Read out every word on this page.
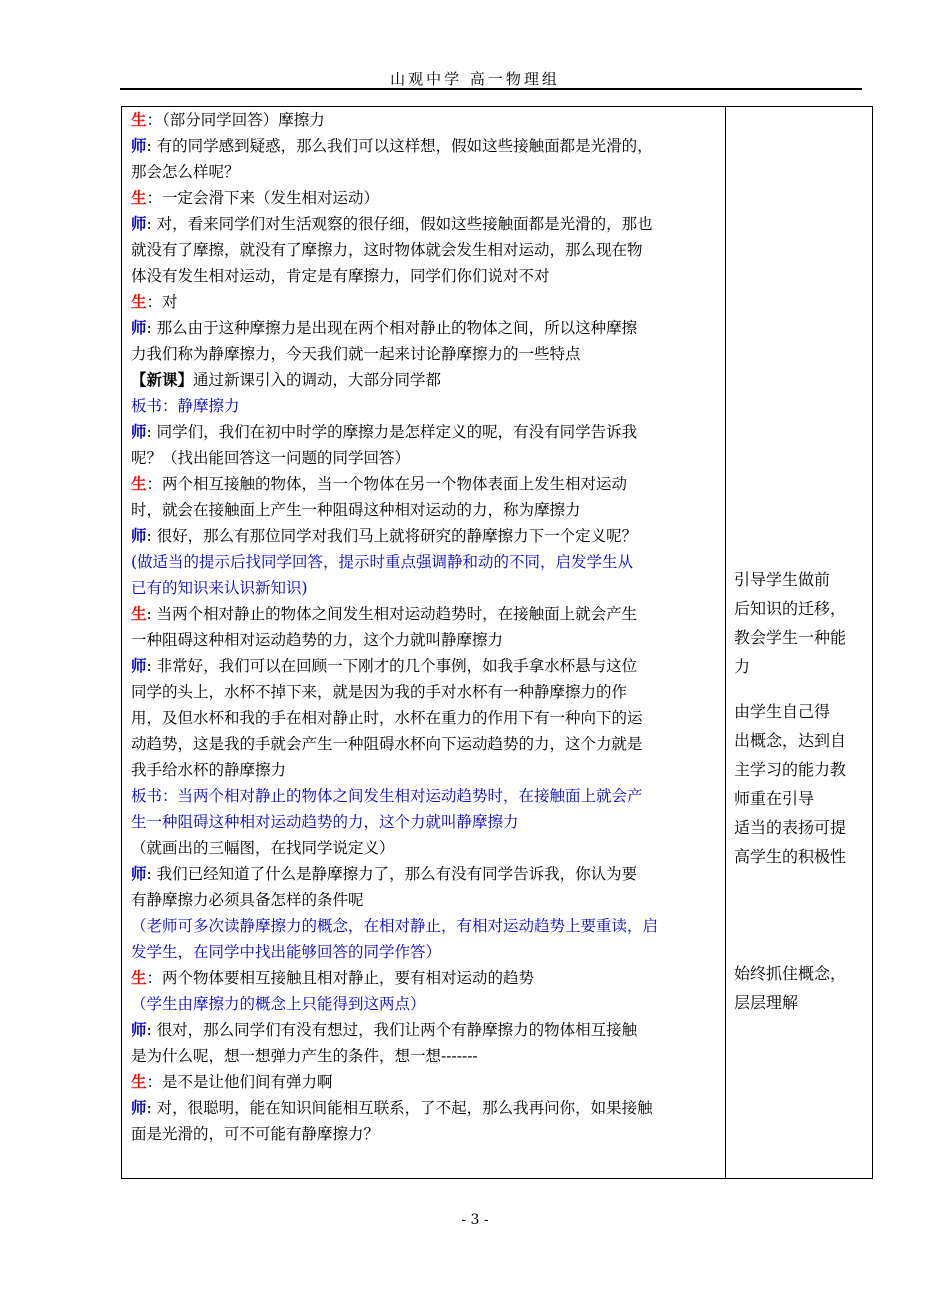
山观中学 高一物理组
生：（部分同学回答）摩擦力
师: 有的同学感到疑惑，那么我们可以这样想，假如这些接触面都是光滑的，
那会怎么样呢？
生：一定会滑下来（发生相对运动）
师: 对，看来同学们对生活观察的很仔细，假如这些接触面都是光滑的，那也
就没有了摩擦，就没有了摩擦力，这时物体就会发生相对运动，那么现在物
体没有发生相对运动，肯定是有摩擦力，同学们你们说对不对
生：对
师: 那么由于这种摩擦力是出现在两个相对静止的物体之间，所以这种摩擦
力我们称为静摩擦力，今天我们就一起来讨论静摩擦力的一些特点
【新课】通过新课引入的调动，大部分同学都
板书：静摩擦力
师: 同学们，我们在初中时学的摩擦力是怎样定义的呢，有没有同学告诉我
呢？（找出能回答这一问题的同学回答）
生：两个相互接触的物体，当一个物体在另一个物体表面上发生相对运动
时，就会在接触面上产生一种阻碍这种相对运动的力，称为摩擦力
师: 很好，那么有那位同学对我们马上就将研究的静摩擦力下一个定义呢？
(做适当的提示后找同学回答，提示时重点强调静和动的不同，启发学生从
已有的知识来认识新知识)
生: 当两个相对静止的物体之间发生相对运动趋势时，在接触面上就会产生
一种阻碍这种相对运动趋势的力，这个力就叫静摩擦力
师: 非常好，我们可以在回顾一下刚才的几个事例，如我手拿水杯悬与这位
同学的头上，水杯不掉下来，就是因为我的手对水杯有一种静摩擦力的作
用，及但水杯和我的手在相对静止时，水杯在重力的作用下有一种向下的运
动趋势，这是我的手就会产生一种阻碍水杯向下运动趋势的力，这个力就是
我手给水杯的静摩擦力
板书：当两个相对静止的物体之间发生相对运动趋势时，在接触面上就会产
生一种阻碍这种相对运动趋势的力，这个力就叫静摩擦力
（就画出的三幅图，在找同学说定义）
师: 我们已经知道了什么是静摩擦力了，那么有没有同学告诉我，你认为要
有静摩擦力必须具备怎样的条件呢
（老师可多次读静摩擦力的概念，在相对静止，有相对运动趋势上要重读，启
发学生，在同学中找出能够回答的同学作答）
生：两个物体要相互接触且相对静止，要有相对运动的趋势
（学生由摩擦力的概念上只能得到这两点）
师: 很对，那么同学们有没有想过，我们让两个有静摩擦力的物体相互接触
是为什么呢，想一想弹力产生的条件，想一想-------
生：是不是让他们间有弹力啊
师: 对，很聪明，能在知识间能相互联系，了不起，那么我再问你，如果接触
面是光滑的，可不可能有静摩擦力？
引导学生做前
后知识的迁移，
教会学生一种能
力
由学生自己得
出概念，达到自
主学习的能力教
师重在引导
适当的表扬可提
高学生的积极性
始终抓住概念，
层层理解
- 3 -
